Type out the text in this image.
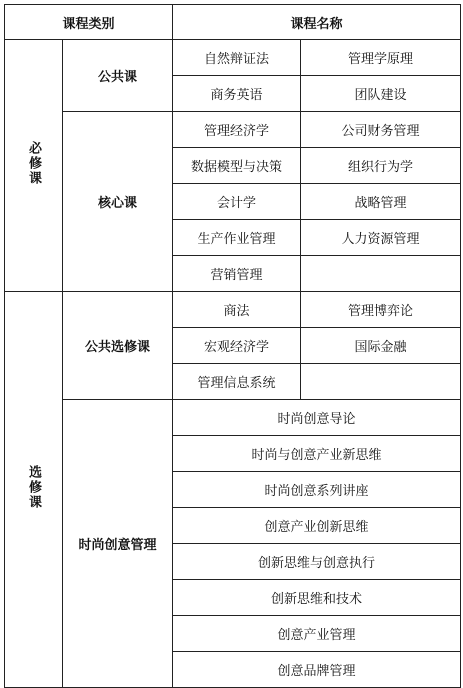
课程类别		课程名称	
必修课	公共课	自然辩证法	管理学原理
		商务英语	团队建设
	核心课	管理经济学	公司财务管理
		数据模型与决策	组织行为学
		会计学	战略管理
		生产作业管理	人力资源管理
		营销管理	
选修课	公共选修课	商法	管理博弈论
		宏观经济学	国际金融
		管理信息系统	
	时尚创意管理	时尚创意导论	
		时尚与创意产业新思维	
		时尚创意系列讲座	
		创意产业创新思维	
		创新思维与创意执行	
		创新思维和技术	
		创意产业管理	
		创意品牌管理	
